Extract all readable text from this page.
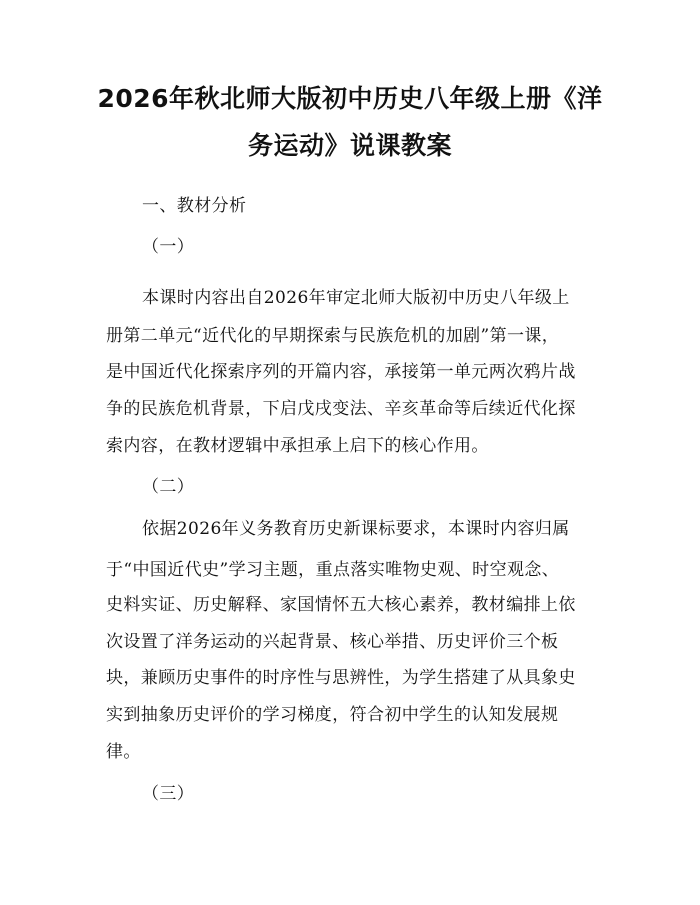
2026年秋北师大版初中历史八年级上册《洋
务运动》说课教案
一、教材分析
（一）
本课时内容出自2026年审定北师大版初中历史八年级上
册第二单元“近代化的早期探索与民族危机的加剧”第一课，
是中国近代化探索序列的开篇内容，承接第一单元两次鸦片战
争的民族危机背景，下启戊戌变法、辛亥革命等后续近代化探
索内容，在教材逻辑中承担承上启下的核心作用。
（二）
依据2026年义务教育历史新课标要求，本课时内容归属
于“中国近代史”学习主题，重点落实唯物史观、时空观念、
史料实证、历史解释、家国情怀五大核心素养，教材编排上依
次设置了洋务运动的兴起背景、核心举措、历史评价三个板
块，兼顾历史事件的时序性与思辨性，为学生搭建了从具象史
实到抽象历史评价的学习梯度，符合初中学生的认知发展规
律。
（三）
